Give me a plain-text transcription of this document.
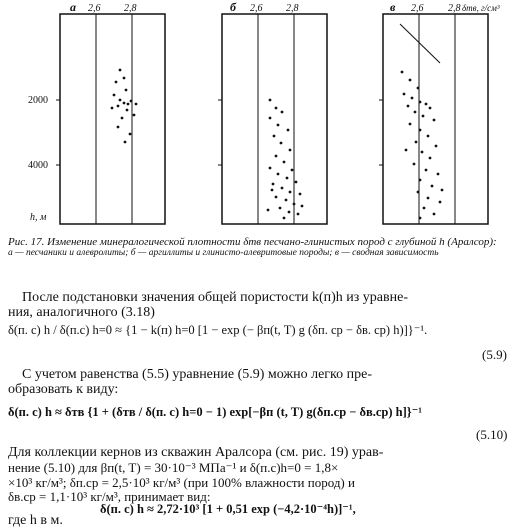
а	б	в
2,6 2,8	2,6 2,8	2,6 2,8 δтв, г/см³
2000
4000
h, м
Рис. 17. Изменение минералогической плотности δтв песчано-глинистых пород с глубиной h (Аралсор):
а — песчаники и алевролиты; б — аргиллиты и глинисто-алевритовые породы; в — сводная зависимость
После подстановки значения общей пористости k(п)h из уравне-
ния, аналогичного (3.18)
δ(п. с) h / δ(п.с) h=0 ≈ {1 − k(п) h=0 [1 − exp (− βп(t, T) g (δп. ср − δв. ср) h)]}⁻¹.
(5.9)
С учетом равенства (5.5) уравнение (5.9) можно легко пре-
образовать к виду:
δ(п. с) h ≈ δтв {1 + (δтв / δ(п. с) h=0 − 1) exp[−βп (t, T) g(δп.ср − δв.ср) h]}⁻¹
(5.10)
Для коллекции кернов из скважин Аралсора (см. рис. 19) урав-
нение (5.10) для βп(t, T) = 30·10⁻³ МПа⁻¹ и δ(п.с)h=0 = 1,8×
×10³ кг/м³; δп.ср = 2,5·10³ кг/м³ (при 100% влажности пород) и
δв.ср = 1,1·10³ кг/м³, принимает вид:
δ(п. с) h ≈ 2,72·10³ [1 + 0,51 exp (−4,2·10⁻⁴h)]⁻¹,
где h в м.
